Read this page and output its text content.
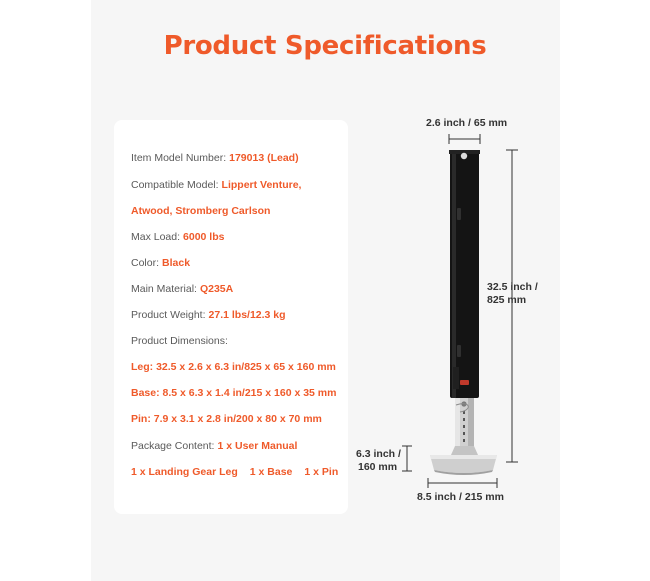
Product Specifications
Item Model Number: 179013 (Lead)
Compatible Model: Lippert Venture,
Atwood, Stromberg Carlson
Max Load: 6000 lbs
Color: Black
Main Material: Q235A
Product Weight: 27.1 lbs/12.3 kg
Product Dimensions:
Leg: 32.5 x 2.6 x 6.3 in/825 x 65 x 160 mm
Base: 8.5 x 6.3 x 1.4 in/215 x 160 x 35 mm
Pin: 7.9 x 3.1 x 2.8 in/200 x 80 x 70 mm
Package Content: 1 x User Manual
1 x Landing Gear Leg 1 x Base 1 x Pin
2.6 inch / 65 mm
32.5 inch /
825 mm
6.3 inch /
160 mm
8.5 inch / 215 mm
